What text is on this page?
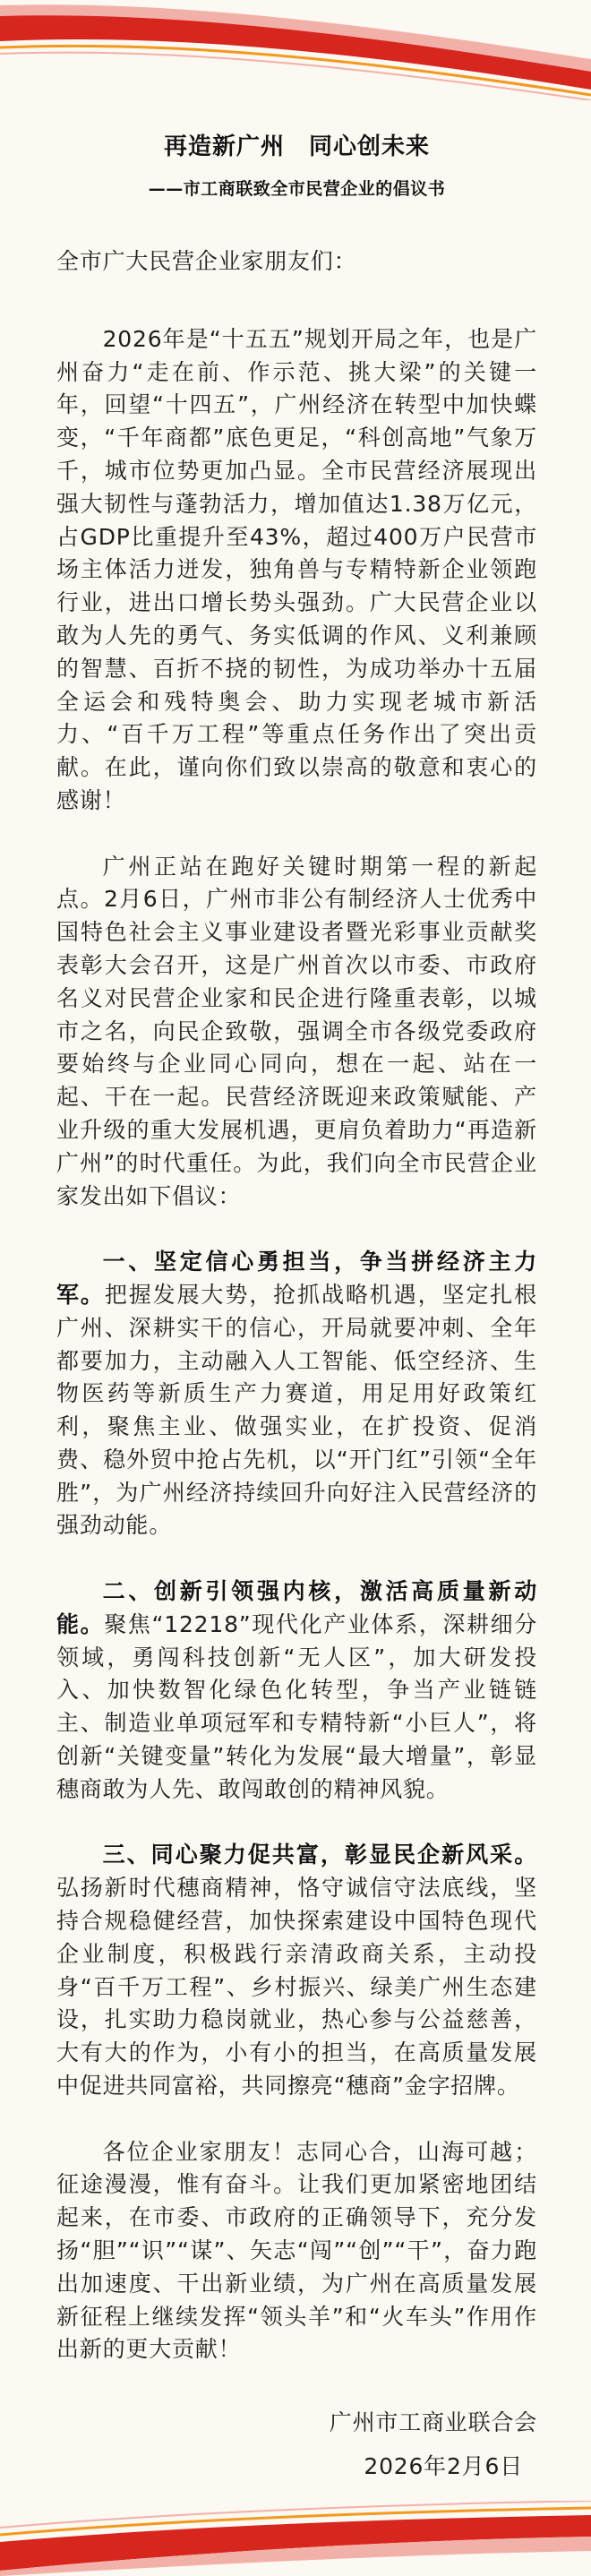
再造新广州　同心创未来
——市工商联致全市民营企业的倡议书

全市广大民营企业家朋友们：

2026年是“十五五”规划开局之年，也是广州奋力“走在前、作示范、挑大梁”的关键一年，回望“十四五”，广州经济在转型中加快蝶变，“千年商都”底色更足，“科创高地”气象万千，城市位势更加凸显。全市民营经济展现出强大韧性与蓬勃活力，增加值达1.38万亿元，占GDP比重提升至43%，超过400万户民营市场主体活力迸发，独角兽与专精特新企业领跑行业，进出口增长势头强劲。广大民营企业以敢为人先的勇气、务实低调的作风、义利兼顾的智慧、百折不挠的韧性，为成功举办十五届全运会和残特奥会、助力实现老城市新活力、“百千万工程”等重点任务作出了突出贡献。在此，谨向你们致以崇高的敬意和衷心的感谢！

广州正站在跑好关键时期第一程的新起点。2月6日，广州市非公有制经济人士优秀中国特色社会主义事业建设者暨光彩事业贡献奖表彰大会召开，这是广州首次以市委、市政府名义对民营企业家和民企进行隆重表彰，以城市之名，向民企致敬，强调全市各级党委政府要始终与企业同心同向，想在一起、站在一起、干在一起。民营经济既迎来政策赋能、产业升级的重大发展机遇，更肩负着助力“再造新广州”的时代重任。为此，我们向全市民营企业家发出如下倡议：

一、坚定信心勇担当，争当拼经济主力军。把握发展大势，抢抓战略机遇，坚定扎根广州、深耕实干的信心，开局就要冲刺、全年都要加力，主动融入人工智能、低空经济、生物医药等新质生产力赛道，用足用好政策红利，聚焦主业、做强实业，在扩投资、促消费、稳外贸中抢占先机，以“开门红”引领“全年胜”，为广州经济持续回升向好注入民营经济的强劲动能。

二、创新引领强内核，激活高质量新动能。聚焦“12218”现代化产业体系，深耕细分领域，勇闯科技创新“无人区”，加大研发投入、加快数智化绿色化转型，争当产业链链主、制造业单项冠军和专精特新“小巨人”，将创新“关键变量”转化为发展“最大增量”，彰显穗商敢为人先、敢闯敢创的精神风貌。

三、同心聚力促共富，彰显民企新风采。弘扬新时代穗商精神，恪守诚信守法底线，坚持合规稳健经营，加快探索建设中国特色现代企业制度，积极践行亲清政商关系，主动投身“百千万工程”、乡村振兴、绿美广州生态建设，扎实助力稳岗就业，热心参与公益慈善，大有大的作为，小有小的担当，在高质量发展中促进共同富裕，共同擦亮“穗商”金字招牌。

各位企业家朋友！志同心合，山海可越；征途漫漫，惟有奋斗。让我们更加紧密地团结起来，在市委、市政府的正确领导下，充分发扬“胆”“识”“谋”、矢志“闯”“创”“干”，奋力跑出加速度、干出新业绩，为广州在高质量发展新征程上继续发挥“领头羊”和“火车头”作用作出新的更大贡献！

广州市工商业联合会

2026年2月6日
